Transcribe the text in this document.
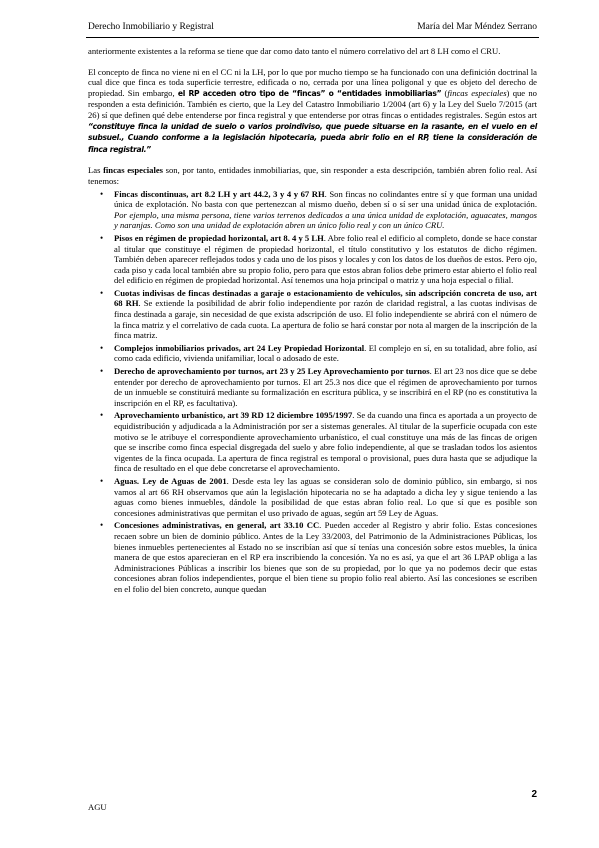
Derecho Inmobiliario y Registral	María del Mar Méndez Serrano

anteriormente existentes a la reforma se tiene que dar como dato tanto el número correlativo del art 8 LH como el CRU.

El concepto de finca no viene ni en el CC ni la LH, por lo que por mucho tiempo se ha funcionado con una definición doctrinal la cual dice que finca es toda superficie terrestre, edificada o no, cerrada por una línea poligonal y que es objeto del derecho de propiedad. Sin embargo, el RP acceden otro tipo de “fincas” o “entidades inmobiliarias” (fincas especiales) que no responden a esta definición. También es cierto, que la Ley del Catastro Inmobiliario 1/2004 (art 6) y la Ley del Suelo 7/2015 (art 26) sí que definen qué debe entenderse por finca registral y que entenderse por otras fincas o entidades registrales. Según estos art “constituye finca la unidad de suelo o varios proindiviso, que puede situarse en la rasante, en el vuelo en el subsuel., Cuando conforme a la legislación hipotecaria, pueda abrir folio en el RP, tiene la consideración de finca registral.”

Las fincas especiales son, por tanto, entidades inmobiliarias, que, sin responder a esta descripción, también abren folio real. Así tenemos:

• Fincas discontinuas, art 8.2 LH y art 44.2, 3 y 4 y 67 RH. Son fincas no colindantes entre sí y que forman una unidad única de explotación. No basta con que pertenezcan al mismo dueño, deben sí o sí ser una unidad única de explotación. Por ejemplo, una misma persona, tiene varios terrenos dedicados a una única unidad de explotación, aguacates, mangos y naranjas. Como son una unidad de explotación abren un único folio real y con un único CRU.
• Pisos en régimen de propiedad horizontal, art 8. 4 y 5 LH. Abre folio real el edificio al completo, donde se hace constar al titular que constituye el régimen de propiedad horizontal, el título constitutivo y los estatutos de dicho régimen. También deben aparecer reflejados todos y cada uno de los pisos y locales y con los datos de los dueños de estos. Pero ojo, cada piso y cada local también abre su propio folio, pero para que estos abran folios debe primero estar abierto el folio real del edificio en régimen de propiedad horizontal. Así tenemos una hoja principal o matriz y una hoja especial o filial.
• Cuotas indivisas de fincas destinadas a garaje o estacionamiento de vehículos, sin adscripción concreta de uso, art 68 RH. Se extiende la posibilidad de abrir folio independiente por razón de claridad registral, a las cuotas indivisas de finca destinada a garaje, sin necesidad de que exista adscripción de uso. El folio independiente se abrirá con el número de la finca matriz y el correlativo de cada cuota. La apertura de folio se hará constar por nota al margen de la inscripción de la finca matriz.
• Complejos inmobiliarios privados, art 24 Ley Propiedad Horizontal. El complejo en sí, en su totalidad, abre folio, así como cada edificio, vivienda unifamiliar, local o adosado de este.
• Derecho de aprovechamiento por turnos, art 23 y 25 Ley Aprovechamiento por turnos. El art 23 nos dice que se debe entender por derecho de aprovechamiento por turnos. El art 25.3 nos dice que el régimen de aprovechamiento por turnos de un inmueble se constituirá mediante su formalización en escritura pública, y se inscribirá en el RP (no es constitutiva la inscripción en el RP, es facultativa).
• Aprovechamiento urbanístico, art 39 RD 12 diciembre 1095/1997. Se da cuando una finca es aportada a un proyecto de equidistribución y adjudicada a la Administración por ser a sistemas generales. Al titular de la superficie ocupada con este motivo se le atribuye el correspondiente aprovechamiento urbanístico, el cual constituye una más de las fincas de origen que se inscribe como finca especial disgregada del suelo y abre folio independiente, al que se trasladan todos los asientos vigentes de la finca ocupada. La apertura de finca registral es temporal o provisional, pues dura hasta que se adjudique la finca de resultado en el que debe concretarse el aprovechamiento.
• Aguas. Ley de Aguas de 2001. Desde esta ley las aguas se consideran solo de dominio público, sin embargo, si nos vamos al art 66 RH observamos que aún la legislación hipotecaria no se ha adaptado a dicha ley y sigue teniendo a las aguas como bienes inmuebles, dándole la posibilidad de que estas abran folio real. Lo que sí que es posible son concesiones administrativas que permitan el uso privado de aguas, según art 59 Ley de Aguas.
• Concesiones administrativas, en general, art 33.10 CC. Pueden acceder al Registro y abrir folio. Estas concesiones recaen sobre un bien de dominio público. Antes de la Ley 33/2003, del Patrimonio de la Administraciones Públicas, los bienes inmuebles pertenecientes al Estado no se inscribían así que sí tenías una concesión sobre estos muebles, la única manera de que estos aparecieran en el RP era inscribiendo la concesión. Ya no es así, ya que el art 36 LPAP obliga a las Administraciones Públicas a inscribir los bienes que son de su propiedad, por lo que ya no podemos decir que estas concesiones abran folios independientes, porque el bien tiene su propio folio real abierto. Así las concesiones se escriben en el folio del bien concreto, aunque quedan
2
AGU
